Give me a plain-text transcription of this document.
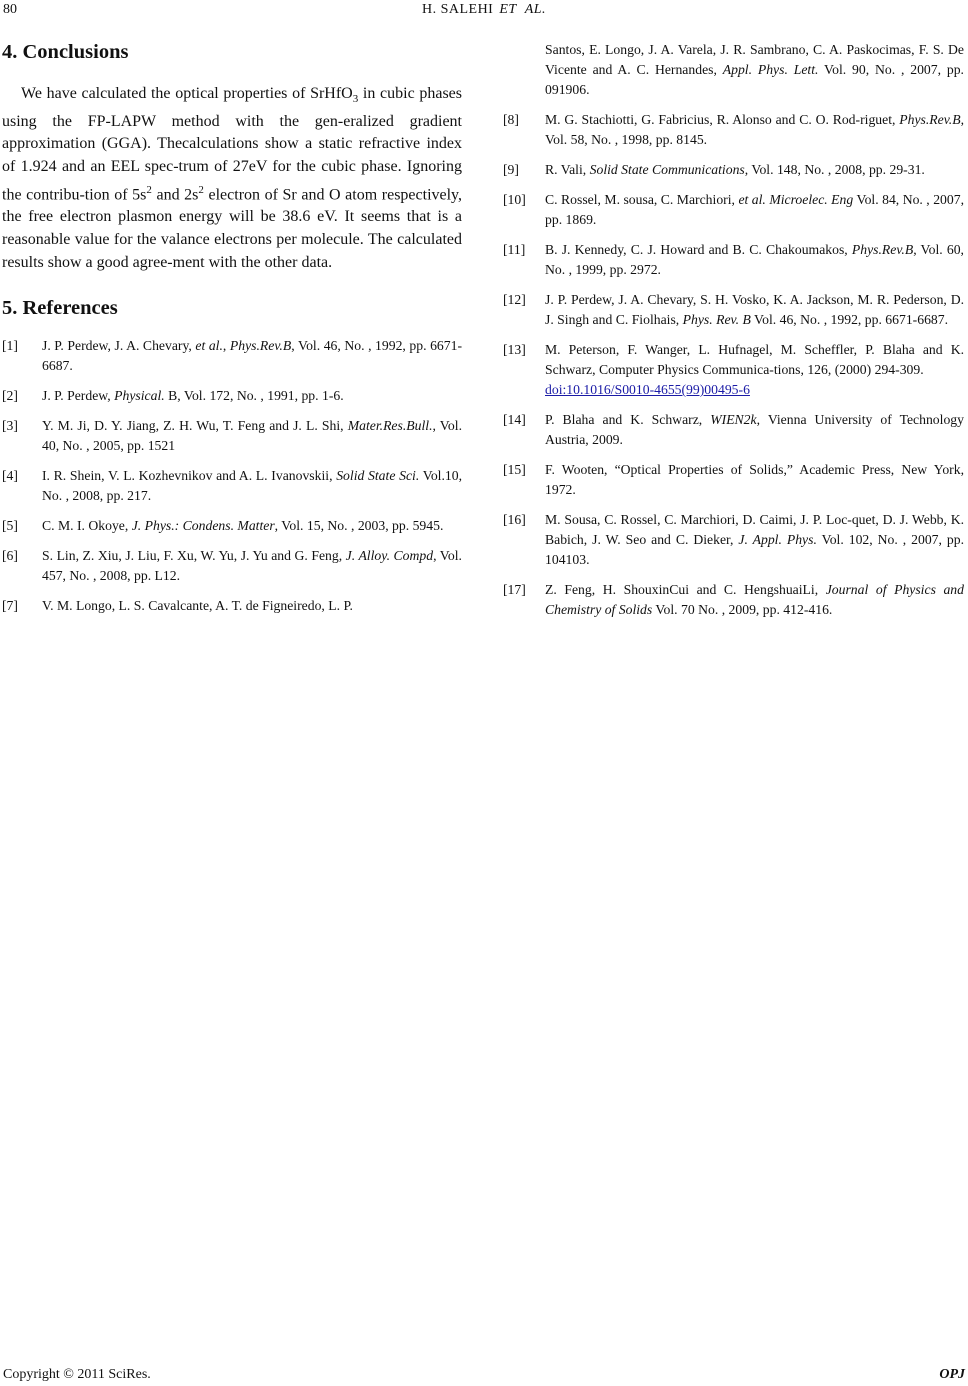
80	H. SALEHI ET AL.
4. Conclusions

We have calculated the optical properties of SrHfO$_3$ in cubic phases using the FP-LAPW method with the gen-eralized gradient approximation (GGA). Thecalculations show a static refractive index of 1.924 and an EEL spec-trum of 27eV for the cubic phase. Ignoring the contribu-tion of $5s^2$ and $2s^2$ electron of Sr and O atom respectively, the free electron plasmon energy will be 38.6 eV. It seems that is a reasonable value for the valance electrons per molecule. The calculated results show a good agree-ment with the other data.

5. References
[1] J. P. Perdew, J. A. Chevary, et al., Phys.Rev.B, Vol. 46, No. , 1992, pp. 6671-6687.
[2] J. P. Perdew, Physical. B, Vol. 172, No. , 1991, pp. 1-6.
[3] Y. M. Ji, D. Y. Jiang, Z. H. Wu, T. Feng and J. L. Shi, Mater.Res.Bull., Vol. 40, No. , 2005, pp. 1521
[4] I. R. Shein, V. L. Kozhevnikov and A. L. Ivanovskii, Solid State Sci. Vol.10, No. , 2008, pp. 217.
[5] C. M. I. Okoye, J. Phys.: Condens. Matter, Vol. 15, No. , 2003, pp. 5945.
[6] S. Lin, Z. Xiu, J. Liu, F. Xu, W. Yu, J. Yu and G. Feng, J. Alloy. Compd, Vol. 457, No. , 2008, pp. L12.
[7] V. M. Longo, L. S. Cavalcante, A. T. de Figneiredo, L. P.
Santos, E. Longo, J. A. Varela, J. R. Sambrano, C. A. Paskocimas, F. S. De Vicente and A. C. Hernandes, Appl. Phys. Lett. Vol. 90, No. , 2007, pp. 091906.
[8] M. G. Stachiotti, G. Fabricius, R. Alonso and C. O. Rod-riguet, Phys.Rev.B, Vol. 58, No. , 1998, pp. 8145.
[9] R. Vali, Solid State Communications, Vol. 148, No. , 2008, pp. 29-31.
[10] C. Rossel, M. sousa, C. Marchiori, et al. Microelec. Eng Vol. 84, No. , 2007, pp. 1869.
[11] B. J. Kennedy, C. J. Howard and B. C. Chakoumakos, Phys.Rev.B, Vol. 60, No. , 1999, pp. 2972.
[12] J. P. Perdew, J. A. Chevary, S. H. Vosko, K. A. Jackson, M. R. Pederson, D. J. Singh and C. Fiolhais, Phys. Rev. B Vol. 46, No. , 1992, pp. 6671-6687.
[13] M. Peterson, F. Wanger, L. Hufnagel, M. Scheffler, P. Blaha and K. Schwarz, Computer Physics Communica-tions, 126, (2000) 294-309.
doi:10.1016/S0010-4655(99)00495-6
[14] P. Blaha and K. Schwarz, WIEN2k, Vienna University of Technology Austria, 2009.
[15] F. Wooten, “Optical Properties of Solids,” Academic Press, New York, 1972.
[16] M. Sousa, C. Rossel, C. Marchiori, D. Caimi, J. P. Loc-quet, D. J. Webb, K. Babich, J. W. Seo and C. Dieker, J. Appl. Phys. Vol. 102, No. , 2007, pp. 104103.
[17] Z. Feng, H. ShouxinCui and C. HengshuaiLi, Journal of Physics and Chemistry of Solids Vol. 70 No. , 2009, pp. 412-416.
Copyright © 2011 SciRes.	OPJ
